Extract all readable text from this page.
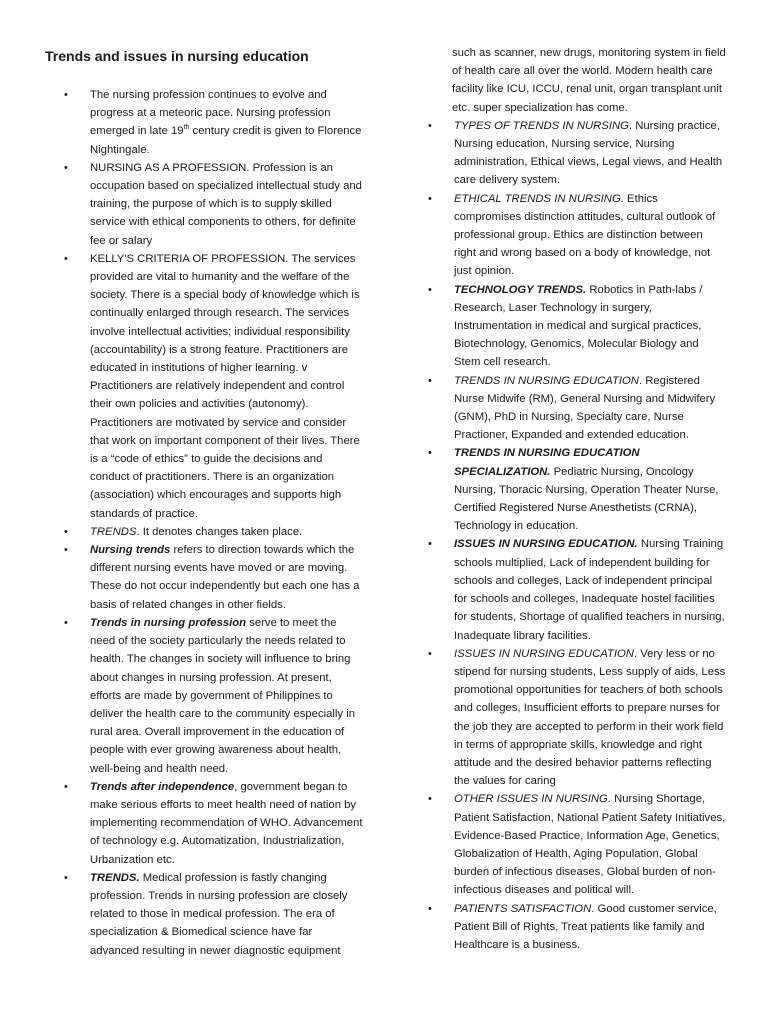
Trends and issues in nursing education
•	The nursing profession continues to evolve and progress at a meteoric pace. Nursing profession emerged in late 19th century credit is given to Florence Nightingale.
•	NURSING AS A PROFESSION. Profession is an occupation based on specialized intellectual study and training, the purpose of which is to supply skilled service with ethical components to others, for definite fee or salary
•	KELLY'S CRITERIA OF PROFESSION. The services provided are vital to humanity and the welfare of the society. There is a special body of knowledge which is continually enlarged through research. The services involve intellectual activities; individual responsibility (accountability) is a strong feature. Practitioners are educated in institutions of higher learning. v Practitioners are relatively independent and control their own policies and activities (autonomy). Practitioners are motivated by service and consider that work on important component of their lives. There is a “code of ethics” to guide the decisions and conduct of practitioners. There is an organization (association) which encourages and supports high standards of practice.
•	TRENDS. It denotes changes taken place.
•	Nursing trends refers to direction towards which the different nursing events have moved or are moving. These do not occur independently but each one has a basis of related changes in other fields.
•	Trends in nursing profession serve to meet the need of the society particularly the needs related to health. The changes in society will influence to bring about changes in nursing profession. At present, efforts are made by government of Philippines to deliver the health care to the community especially in rural area. Overall improvement in the education of people with ever growing awareness about health, well-being and health need.
•	Trends after independence, government began to make serious efforts to meet health need of nation by implementing recommendation of WHO. Advancement of technology e.g. Automatization, Industrialization, Urbanization etc.
•	TRENDS. Medical profession is fastly changing profession. Trends in nursing profession are closely related to those in medical profession. The era of specialization & Biomedical science have far advanced resulting in newer diagnostic equipment
such as scanner, new drugs, monitoring system in field of health care all over the world. Modern health care facility like ICU, ICCU, renal unit, organ transplant unit etc. super specialization has come.
•	TYPES OF TRENDS IN NURSING. Nursing practice, Nursing education, Nursing service, Nursing administration, Ethical views, Legal views, and Health care delivery system.
•	ETHICAL TRENDS IN NURSING. Ethics compromises distinction attitudes, cultural outlook of professional group. Ethics are distinction between right and wrong based on a body of knowledge, not just opinion.
•	TECHNOLOGY TRENDS. Robotics in Path-labs / Research, Laser Technology in surgery, Instrumentation in medical and surgical practices, Biotechnology, Genomics, Molecular Biology and Stem cell research.
•	TRENDS IN NURSING EDUCATION. Registered Nurse Midwife (RM), General Nursing and Midwifery (GNM), PhD in Nursing, Specialty care, Nurse Practioner, Expanded and extended education.
•	TRENDS IN NURSING EDUCATION SPECIALIZATION. Pediatric Nursing, Oncology Nursing, Thoracic Nursing, Operation Theater Nurse, Certified Registered Nurse Anesthetists (CRNA), Technology in education.
•	ISSUES IN NURSING EDUCATION. Nursing Training schools multiplied, Lack of independent building for schools and colleges, Lack of independent principal for schools and colleges, Inadequate hostel facilities for students, Shortage of qualified teachers in nursing, Inadequate library facilities.
•	ISSUES IN NURSING EDUCATION. Very less or no stipend for nursing students, Less supply of aids, Less promotional opportunities for teachers of both schools and colleges, Insufficient efforts to prepare nurses for the job they are accepted to perform in their work field in terms of appropriate skills, knowledge and right attitude and the desired behavior patterns reflecting the values for caring
•	OTHER ISSUES IN NURSING. Nursing Shortage, Patient Satisfaction, National Patient Safety Initiatives, Evidence-Based Practice, Information Age, Genetics, Globalization of Health, Aging Population, Global burden of infectious diseases, Global burden of non-infectious diseases and political will.
•	PATIENTS SATISFACTION. Good customer service, Patient Bill of Rights, Treat patients like family and Healthcare is a business.
